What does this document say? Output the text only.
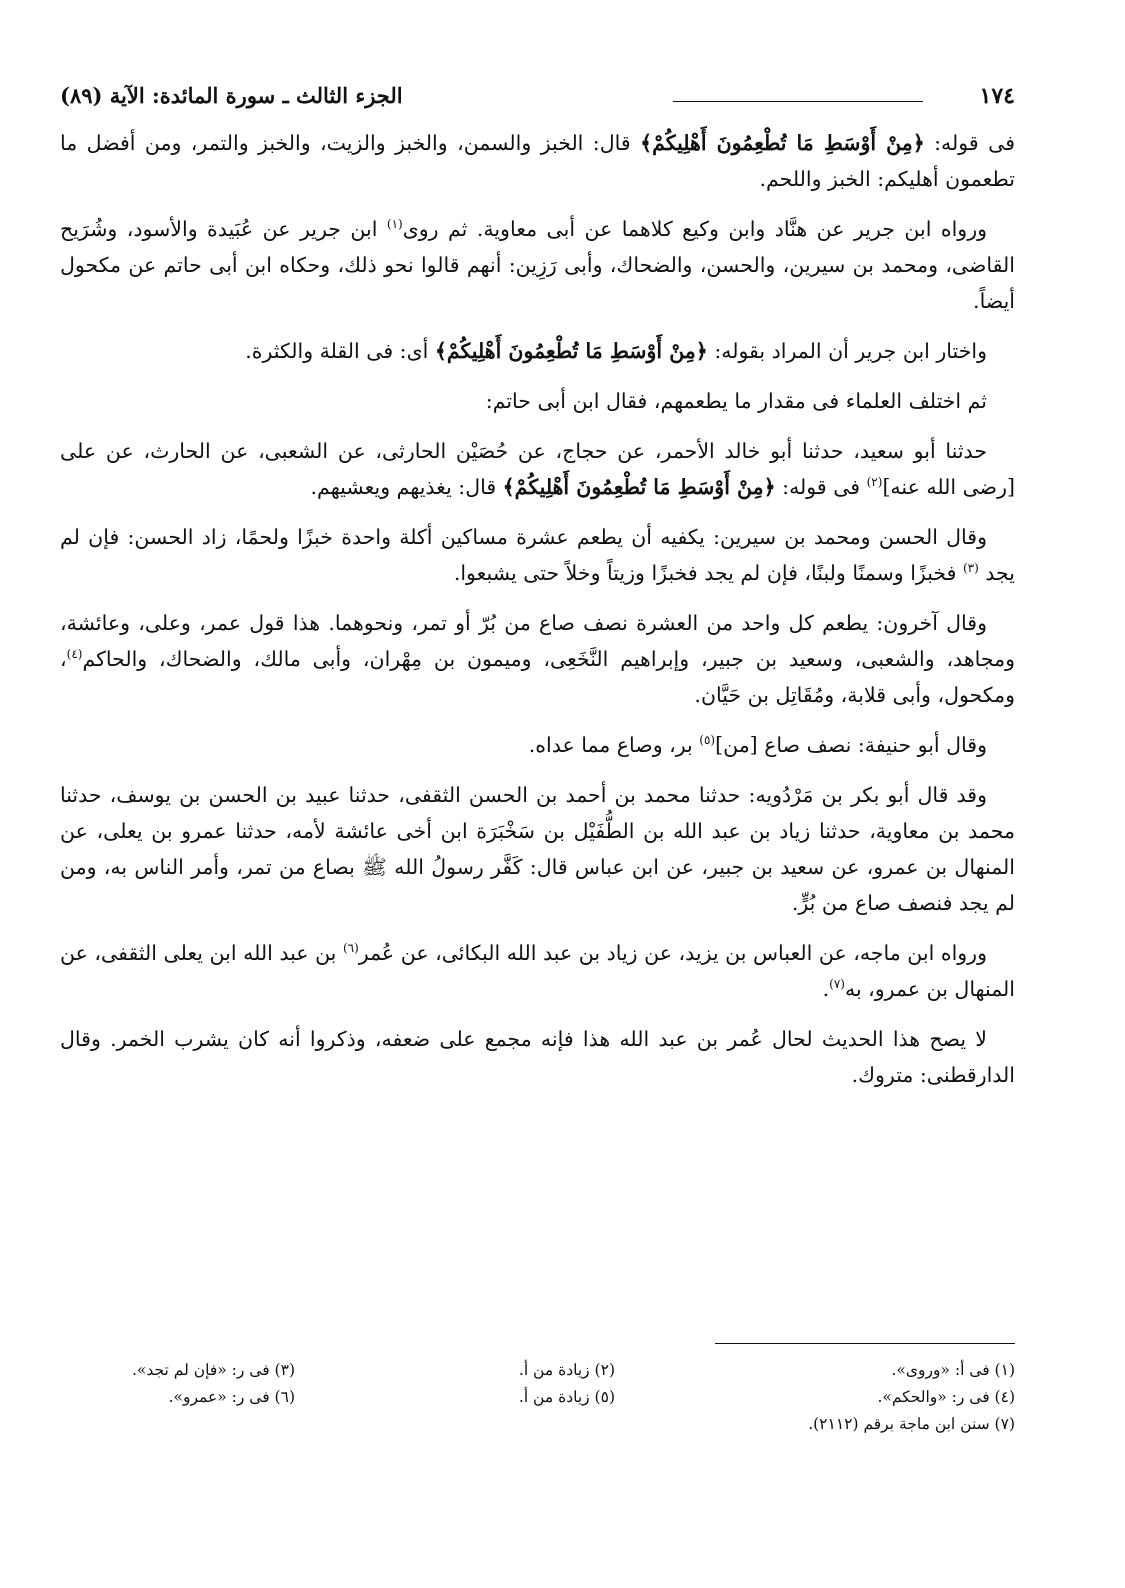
١٧٤
الجزء الثالث ـ سورة المائدة: الآية (٨٩)

فى قوله: ﴿مِنْ أَوْسَطِ مَا تُطْعِمُونَ أَهْلِيكُمْ﴾ قال: الخبز والسمن، والخبز والزيت، والخبز والتمر، ومن أفضل ما تطعمون أهليكم: الخبز واللحم.

ورواه ابن جرير عن هنَّاد وابن وكيع كلاهما عن أبى معاوية. ثم روى$^{(١)}$ ابن جرير عن عُبَيدة والأسود، وشُرَيح القاضى، ومحمد بن سيرين، والحسن، والضحاك، وأبى رَزِين: أنهم قالوا نحو ذلك، وحكاه ابن أبى حاتم عن مكحول أيضاً.

واختار ابن جرير أن المراد بقوله: ﴿مِنْ أَوْسَطِ مَا تُطْعِمُونَ أَهْلِيكُمْ﴾ أى: فى القلة والكثرة.

ثم اختلف العلماء فى مقدار ما يطعمهم، فقال ابن أبى حاتم:

حدثنا أبو سعيد، حدثنا أبو خالد الأحمر، عن حجاج، عن حُصَيْن الحارثى، عن الشعبى، عن الحارث، عن على [رضى الله عنه]$^{(٢)}$ فى قوله: ﴿مِنْ أَوْسَطِ مَا تُطْعِمُونَ أَهْلِيكُمْ﴾ قال: يغذيهم ويعشيهم.

وقال الحسن ومحمد بن سيرين: يكفيه أن يطعم عشرة مساكين أكلة واحدة خبزًا ولحمًا، زاد الحسن: فإن لم يجد $^{(٣)}$ فخبزًا وسمنًا ولبنًا، فإن لم يجد فخبزًا وزيتاً وخلاً حتى يشبعوا.

وقال آخرون: يطعم كل واحد من العشرة نصف صاع من بُرّ أو تمر، ونحوهما. هذا قول عمر، وعلى، وعائشة، ومجاهد، والشعبى، وسعيد بن جبير، وإبراهيم النَّخَعِى، وميمون بن مِهْران، وأبى مالك، والضحاك، والحاكم$^{(٤)}$، ومكحول، وأبى قلابة، ومُقَاتِل بن حَيَّان.

وقال أبو حنيفة: نصف صاع [من]$^{(٥)}$ بر، وصاع مما عداه.

وقد قال أبو بكر بن مَرْدُويه: حدثنا محمد بن أحمد بن الحسن الثقفى، حدثنا عبيد بن الحسن بن يوسف، حدثنا محمد بن معاوية، حدثنا زياد بن عبد الله بن الطُّفَيْل بن سَخْبَرَة ابن أخى عائشة لأمه، حدثنا عمرو بن يعلى، عن المنهال بن عمرو، عن سعيد بن جبير، عن ابن عباس قال: كَفَّر رسولُ الله ﷺ بصاع من تمر، وأمر الناس به، ومن لم يجد فنصف صاع من بُرٍّ.

ورواه ابن ماجه، عن العباس بن يزيد، عن زياد بن عبد الله البكائى، عن عُمر$^{(٦)}$ بن عبد الله ابن يعلى الثقفى، عن المنهال بن عمرو، به$^{(٧)}$.

لا يصح هذا الحديث لحال عُمر بن عبد الله هذا فإنه مجمع على ضعفه، وذكروا أنه كان يشرب الخمر. وقال الدارقطنى: متروك.

(١) فى أ: «وروى».
(٢) زيادة من أ.
(٣) فى ر: «فإن لم تجد».
(٤) فى ر: «والحكم».
(٥) زيادة من أ.
(٦) فى ر: «عمرو».
(٧) سنن ابن ماجة برقم (٢١١٢).
